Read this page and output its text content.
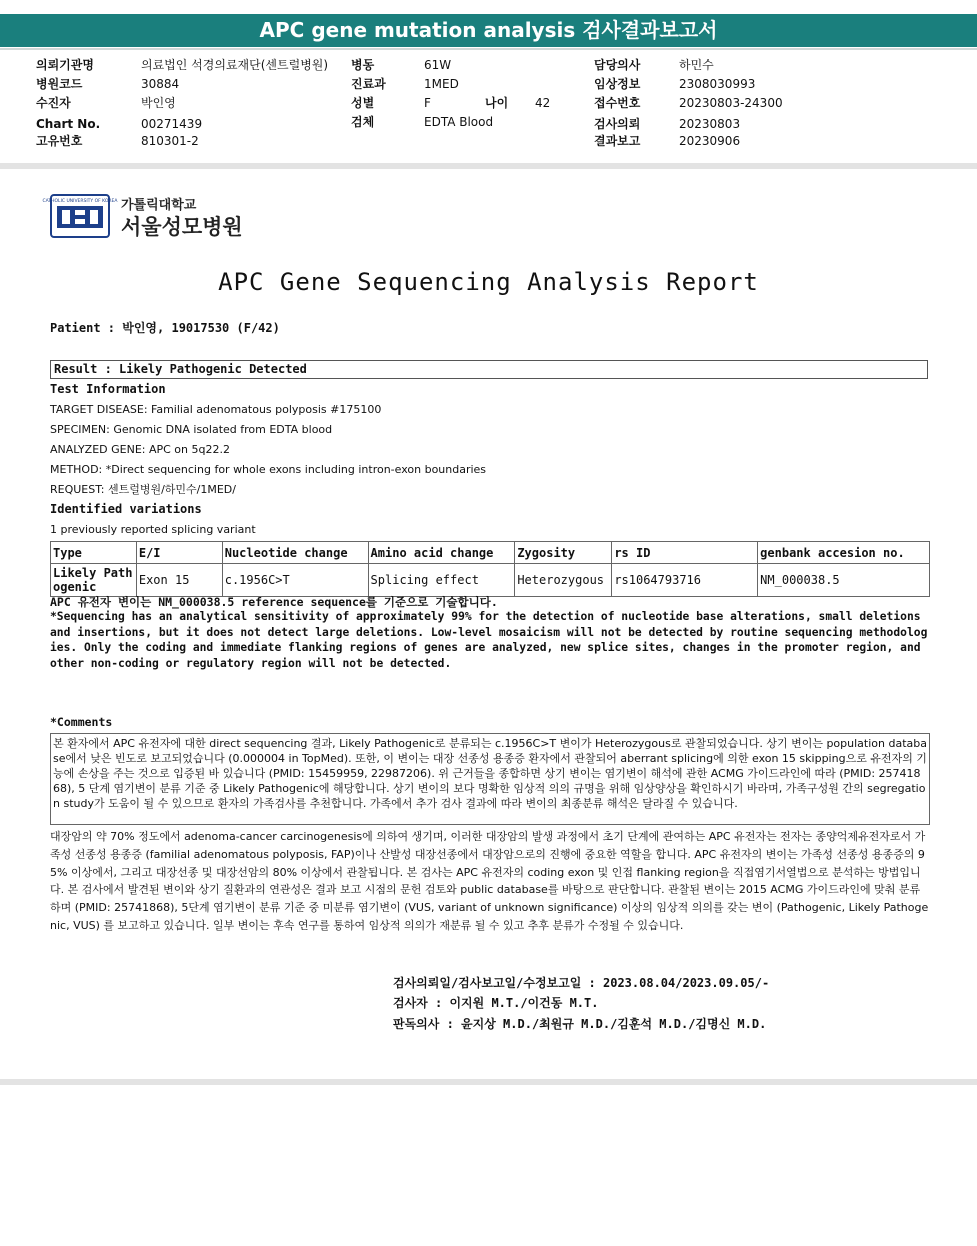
APC gene mutation analysis 검사결과보고서
의뢰기관명	의료법인 석경의료재단(센트럴병원)
병원코드	30884
수진자	박인영
Chart No.	00271439
고유번호	810301-2
병동	61W
진료과	1MED
성별	F	나이 42
검체	EDTA Blood
담당의사	하민수
임상정보	2308030993
접수번호	20230803-24300
검사의뢰	20230803
결과보고	20230906
CATHOLIC UNIVERSITY OF KOREA 가톨릭대학교
서울성모병원
APC Gene Sequencing Analysis Report
Patient : 박인영, 19017530 (F/42)
Result : Likely Pathogenic Detected
Test Information
TARGET DISEASE: Familial adenomatous polyposis #175100
SPECIMEN: Genomic DNA isolated from EDTA blood
ANALYZED GENE: APC on 5q22.2
METHOD: *Direct sequencing for whole exons including intron-exon boundaries
REQUEST: 센트럴병원/하민수/1MED/
Identified variations
1 previously reported splicing variant
Type	E/I	Nucleotide change	Amino acid change	Zygosity	rs ID	genbank accesion no.
Likely Pathogenic	Exon 15	c.1956C>T	Splicing effect	Heterozygous	rs1064793716	NM_000038.5
APC 유전자 변이는 NM_000038.5 reference sequence를 기준으로 기술합니다.
*Sequencing has an analytical sensitivity of approximately 99% for the detection of nucleotide base alterations, small deletions and insertions, but it does not detect large deletions. Low-level mosaicism will not be detected by routine sequencing methodologies. Only the coding and immediate flanking regions of genes are analyzed, new splice sites, changes in the promoter region, and other non-coding or regulatory region will not be detected.
*Comments
본 환자에서 APC 유전자에 대한 direct sequencing 결과, Likely Pathogenic로 분류되는 c.1956C>T 변이가 Heterozygous로 관찰되었습니다. 상기 변이는 population database에서 낮은 빈도로 보고되었습니다 (0.000004 in TopMed). 또한, 이 변이는 대장 선종성 용종증 환자에서 관찰되어 aberrant splicing에 의한 exon 15 skipping으로 유전자의 기능에 손상을 주는 것으로 입증된 바 있습니다 (PMID: 15459959, 22987206). 위 근거들을 종합하면 상기 변이는 염기변이 해석에 관한 ACMG 가이드라인에 따라 (PMID: 25741868), 5 단계 염기변이 분류 기준 중 Likely Pathogenic에 해당합니다. 상기 변이의 보다 명확한 임상적 의의 규명을 위해 임상양상을 확인하시기 바라며, 가족구성원 간의 segregation study가 도움이 될 수 있으므로 환자의 가족검사를 추천합니다. 가족에서 추가 검사 결과에 따라 변이의 최종분류 해석은 달라질 수 있습니다.
대장암의 약 70% 정도에서 adenoma-cancer carcinogenesis에 의하여 생기며, 이러한 대장암의 발생 과정에서 초기 단계에 관여하는 APC 유전자는 전자는 종양억제유전자로서 가족성 선종성 용종증 (familial adenomatous polyposis, FAP)이나 산발성 대장선종에서 대장암으로의 진행에 중요한 역할을 합니다. APC 유전자의 변이는 가족성 선종성 용종증의 95% 이상에서, 그리고 대장선종 및 대장선암의 80% 이상에서 관찰됩니다. 본 검사는 APC 유전자의 coding exon 및 인접 flanking region을 직접염기서열법으로 분석하는 방법입니다. 본 검사에서 발견된 변이와 상기 질환과의 연관성은 결과 보고 시점의 문헌 검토와 public database를 바탕으로 판단합니다. 관찰된 변이는 2015 ACMG 가이드라인에 맞춰 분류하며 (PMID: 25741868), 5단계 염기변이 분류 기준 중 미분류 염기변이 (VUS, variant of unknown significance) 이상의 임상적 의의를 갖는 변이 (Pathogenic, Likely Pathogenic, VUS) 를 보고하고 있습니다. 일부 변이는 후속 연구를 통하여 임상적 의의가 재분류 될 수 있고 추후 분류가 수정될 수 있습니다.
검사의뢰일/검사보고일/수정보고일 : 2023.08.04/2023.09.05/-
검사자 : 이지원 M.T./이건동 M.T.
판독의사 : 윤지상 M.D./최원규 M.D./김훈석 M.D./김명신 M.D.
